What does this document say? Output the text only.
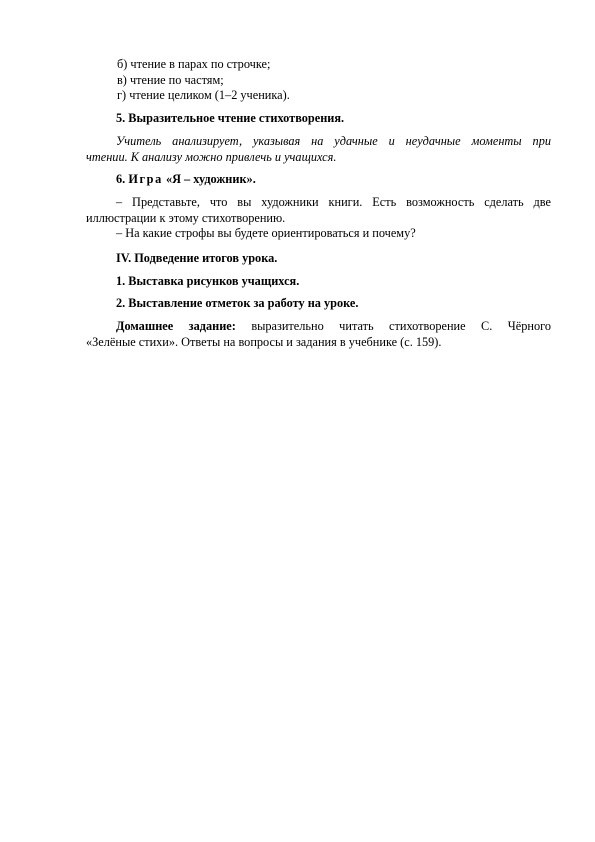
б) чтение в парах по строчке;

в) чтение по частям;

г) чтение целиком (1–2 ученика).

5. Выразительное чтение стихотворения.

Учитель анализирует, указывая на удачные и неудачные моменты при

чтении. К анализу можно привлечь и учащихся.

6. Игра «Я – художник».

– Представьте, что вы художники книги. Есть возможность сделать две

иллюстрации к этому стихотворению.

– На какие строфы вы будете ориентироваться и почему?

IV. Подведение итогов урока.

1. Выставка рисунков учащихся.

2. Выставление отметок за работу на уроке.

Домашнее задание: выразительно читать стихотворение С. Чёрного

«Зелёные стихи». Ответы на вопросы и задания в учебнике (с. 159).
